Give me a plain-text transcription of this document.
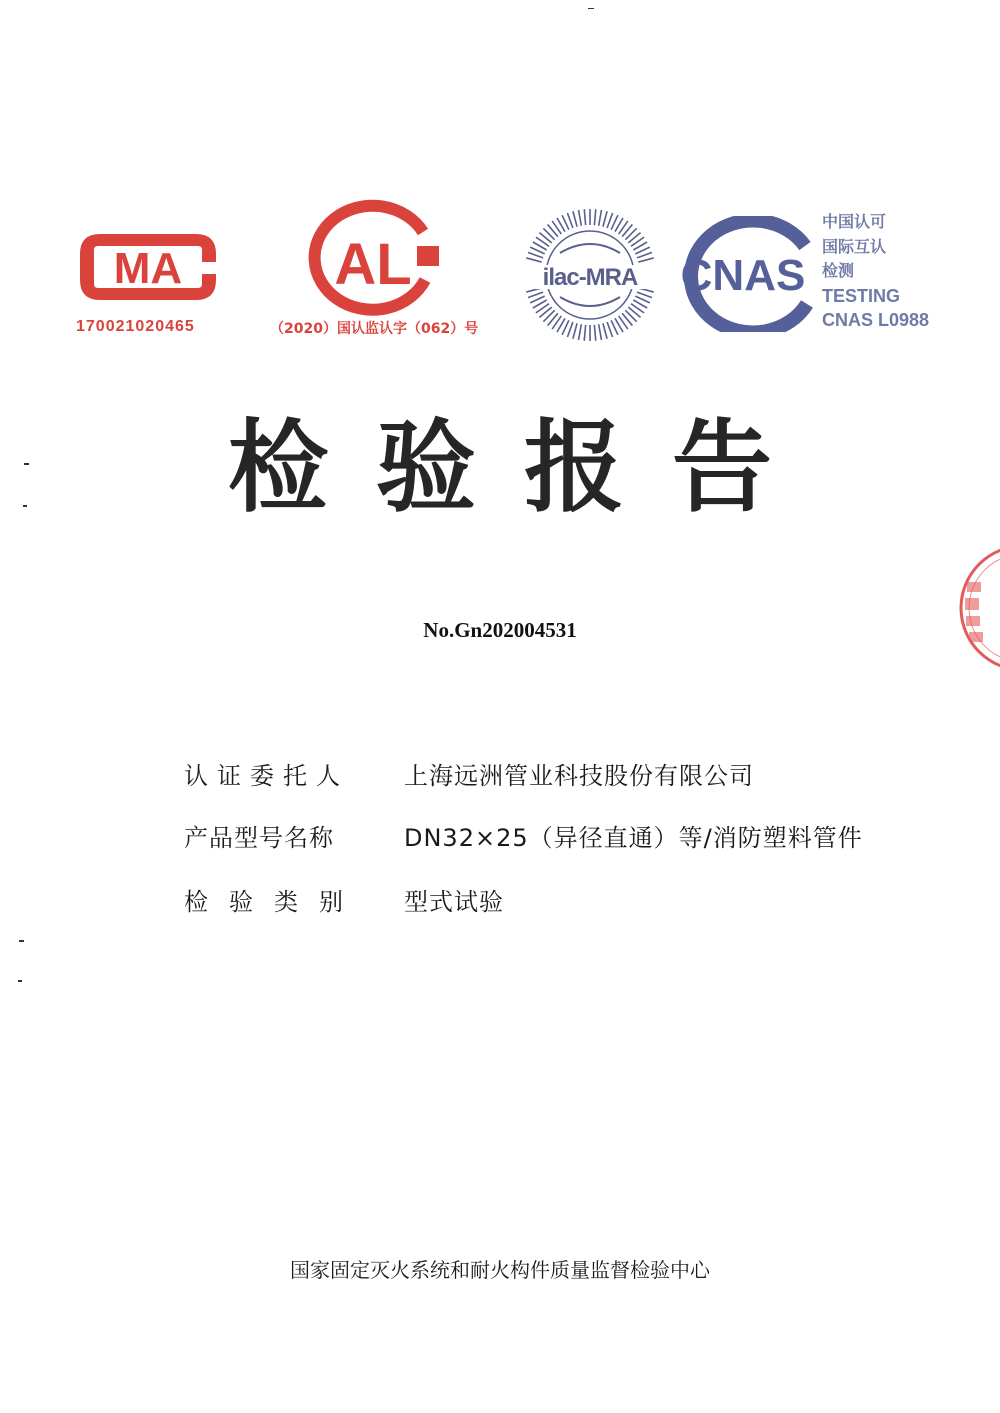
MA
170021020465
AL
（2020）国认监认字（062）号
ilac-MRA CNAS
中国认可
国际互认
检测
TESTING
CNAS L0988
检验报告
No.Gn202004531
认证委托人	上海远洲管业科技股份有限公司
产品型号名称	DN32×25（异径直通）等/消防塑料管件
检验类别 型式试验
国家固定灭火系统和耐火构件质量监督检验中心
